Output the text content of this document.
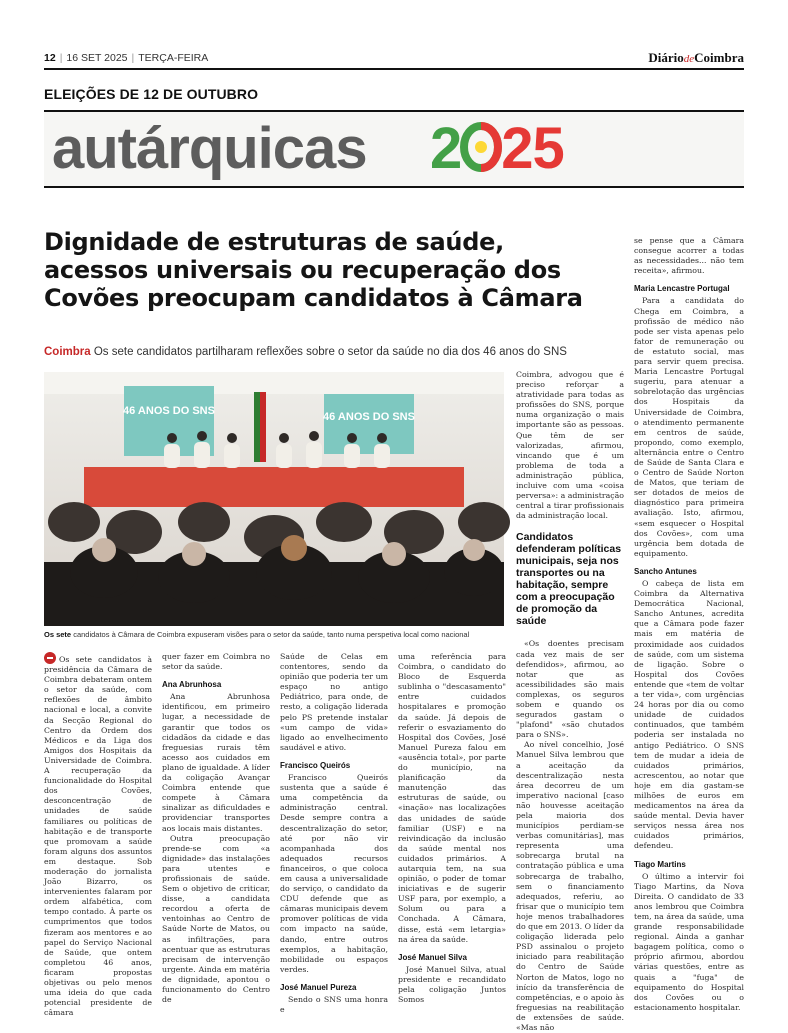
12 | 16 SET 2025 | TERÇA-FEIRA	DiáriodeCoimbra
ELEIÇÕES DE 12 DE OUTUBRO
autárquicas 2 25
Dignidade de estruturas de saúde, acessos universais ou recuperação dos Covões preocupam candidatos à Câmara
Coimbra Os sete candidatos partilharam reflexões sobre o setor da saúde no dia dos 46 anos do SNS
46 ANOS DO SNS	46 ANOS DO SNS
Os sete candidatos à Câmara de Coimbra expuseram visões para o setor da saúde, tanto numa perspetiva local como nacional

Os sete candidatos à presidência da Câmara de Coimbra debateram ontem o setor da saúde, com reflexões de âmbito nacional e local, a convite da Secção Regional do Centro da Ordem dos Médicos e da Liga dos Amigos dos Hospitais da Universidade de Coimbra. A recuperação da funcionalidade do Hospital dos Covões, desconcentração de unidades de saúde familiares ou políticas de habitação e de transporte que promovam a saúde foram alguns dos assuntos em destaque. Sob moderação do jornalista João Bizarro, os intervenientes falaram por ordem alfabética, com tempo contado. À parte os cumprimentos que todos fizeram aos mentores e ao papel do Serviço Nacional de Saúde, que ontem completou 46 anos, ficaram propostas objetivas ou pelo menos uma ideia do que cada potencial presidente de câmara

quer fazer em Coimbra no setor da saúde.

Ana Abrunhosa

Ana Abrunhosa identificou, em primeiro lugar, a necessidade de garantir que todos os cidadãos da cidade e das freguesias rurais têm acesso aos cuidados em plano de igualdade. A líder da coligação Avançar Coimbra entende que compete à Câmara sinalizar as dificuldades e providenciar transportes aos locais mais distantes.

Outra preocupação prende-se com «a dignidade» das instalações para utentes e profissionais de saúde. Sem o objetivo de criticar, disse, a candidata recordou a oferta de ventoinhas ao Centro de Saúde Norte de Matos, ou as infiltrações, para acentuar que as estruturas precisam de intervenção urgente. Ainda em matéria de dignidade, apontou o funcionamento do Centro de

Saúde de Celas em contentores, sendo da opinião que poderia ter um espaço no antigo Pediátrico, para onde, de resto, a coligação liderada pelo PS pretende instalar «um campo de vida» ligado ao envelhecimento saudável e ativo.

Francisco Queirós

Francisco Queirós sustenta que a saúde é uma competência da administração central. Desde sempre contra a descentralização do setor, até por não vir acompanhada dos adequados recursos financeiros, o que coloca em causa a universalidade do serviço, o candidato da CDU defende que as câmaras municipais devem promover políticas de vida com impacto na saúde, dando, entre outros exemplos, a habitação, mobilidade ou espaços verdes.

José Manuel Pureza

Sendo o SNS uma honra e

uma referência para Coimbra, o candidato do Bloco de Esquerda sublinha o "descasamento" entre cuidados hospitalares e promoção da saúde. Já depois de referir o esvaziamento do Hospital dos Covões, José Manuel Pureza falou em «ausência total», por parte do município, na planificação da manutenção das estruturas de saúde, ou «inação» nas localizações das unidades de saúde familiar (USF) e na reivindicação da inclusão da saúde mental nos cuidados primários. A autarquia tem, na sua opinião, o poder de tomar iniciativas e de sugerir USF para, por exemplo, a Solum ou para a Conchada. A Câmara, disse, está «em letargia» na área da saúde.

José Manuel Silva

José Manuel Silva, atual presidente e recandidato pela coligação Juntos Somos

Coimbra, advogou que é preciso reforçar a atratividade para todas as profissões do SNS, porque numa organização o mais importante são as pessoas. Que têm de ser valorizadas, afirmou, vincando que é um problema de toda a administração pública, incluive com uma «coisa perversa»: a administração central a tirar profissionais da administração local.

Candidatos defenderam políticas municipais, seja nos transportes ou na habitação, sempre com a preocupação de promoção da saúde

«Os doentes precisam cada vez mais de ser defendidos», afirmou, ao notar que as acessibilidades são mais complexas, os seguros sobem e quando os segurados gastam o "plafond" «são chutados para o SNS».

Ao nível concelhio, José Manuel Silva lembrou que a aceitação da descentralização nesta área decorreu de um imperativo nacional [caso não houvesse aceitação pela maioria dos municípios perdiam-se verbas comunitárias], mas representa uma sobrecarga brutal na contratação pública e uma sobrecarga de trabalho, sem o financiamento adequados, referiu, ao frisar que o município tem hoje menos trabalhadores do que em 2013. O líder da coligação liderada pelo PSD assinalou o projeto iniciado para reabilitação do Centro de Saúde Norton de Matos, logo no início da transferência de competências, e o apoio às freguesias na reabilitação de extensões de saúde. «Mas não

se pense que a Câmara consegue acorrer a todas as necessidades... não tem receita», afirmou.

Maria Lencastre Portugal

Para a candidata do Chega em Coimbra, a profissão de médico não pode ser vista apenas pelo fator de remuneração ou de estatuto social, mas para servir quem precisa. Maria Lencastre Portugal sugeriu, para atenuar a sobrelotação das urgências dos Hospitais da Universidade de Coimbra, o atendimento permanente em centros de saúde, propondo, como exemplo, alternância entre o Centro de Saúde de Santa Clara e o Centro de Saúde Norton de Matos, que teriam de ser dotados de meios de diagnóstico para primeira avaliação. Isto, afirmou, «sem esquecer o Hospital dos Covões», com uma urgência bem dotada de equipamento.

Sancho Antunes

O cabeça de lista em Coimbra da Alternativa Democrática Nacional, Sancho Antunes, acredita que a Câmara pode fazer mais em matéria de proximidade aos cuidados de saúde, com um sistema de ligação. Sobre o Hospital dos Covões entende que «tem de voltar a ter vida», com urgências 24 horas por dia ou como unidade de cuidados continuados, que também poderia ser instalada no antigo Pediátrico. O SNS tem de mudar a ideia de cuidados primários, acrescentou, ao notar que hoje em dia gastam-se milhões de euros em medicamentos na área da saúde mental. Devia haver serviços nessa área nos cuidados primários, defendeu.

Tiago Martins

O último a intervir foi Tiago Martins, da Nova Direita. O candidato de 33 anos lembrou que Coimbra tem, na área da saúde, uma grande responsabilidade regional. Ainda a ganhar bagagem política, como o próprio afirmou, abordou várias questões, entre as quais a "fuga" de equipamento do Hospital dos Covões ou o estacionamento hospitalar.
